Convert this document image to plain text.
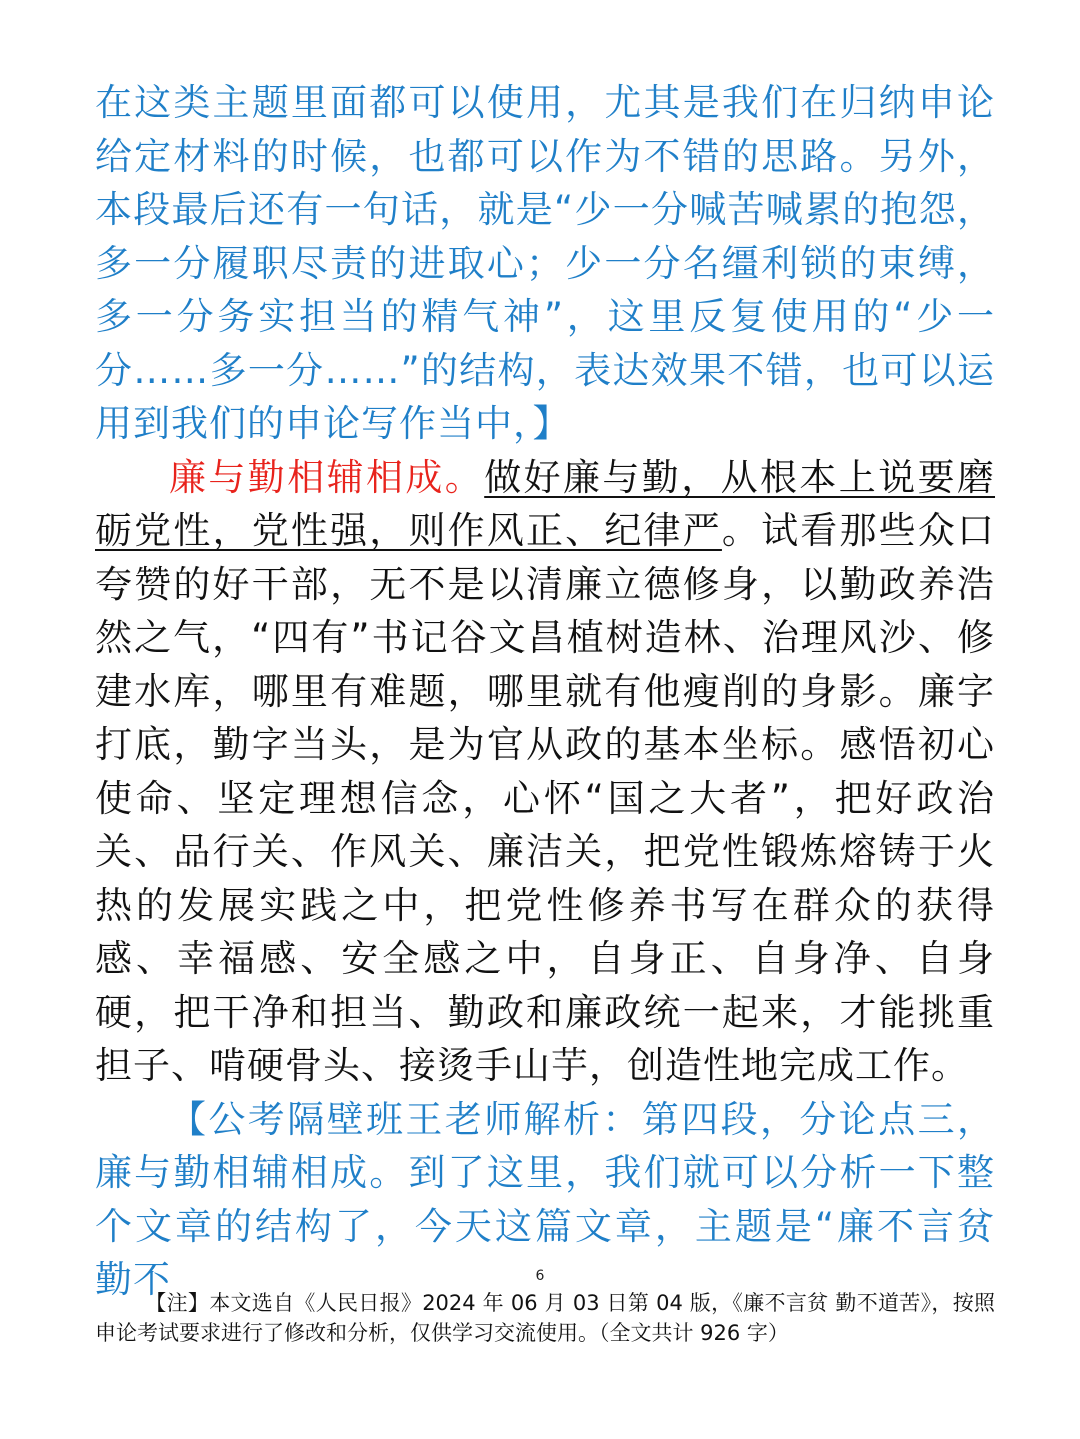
在这类主题里面都可以使用，尤其是我们在归纳申论给定材料的时候，也都可以作为不错的思路。另外，本段最后还有一句话，就是“少一分喊苦喊累的抱怨，多一分履职尽责的进取心；少一分名缰利锁的束缚，多一分务实担当的精气神”，这里反复使用的“少一分……多一分……”的结构，表达效果不错，也可以运用到我们的申论写作当中，】

廉与勤相辅相成。做好廉与勤，从根本上说要磨砺党性，党性强，则作风正、纪律严。试看那些众口夸赞的好干部，无不是以清廉立德修身，以勤政养浩然之气，“四有”书记谷文昌植树造林、治理风沙、修建水库，哪里有难题，哪里就有他瘦削的身影。廉字打底，勤字当头，是为官从政的基本坐标。感悟初心使命、坚定理想信念，心怀“国之大者”，把好政治关、品行关、作风关、廉洁关，把党性锻炼熔铸于火热的发展实践之中，把党性修养书写在群众的获得感、幸福感、安全感之中，自身正、自身净、自身硬，把干净和担当、勤政和廉政统一起来，才能挑重担子、啃硬骨头、接烫手山芋，创造性地完成工作。

【公考隔壁班王老师解析：第四段，分论点三，廉与勤相辅相成。到了这里，我们就可以分析一下整个文章的结构了，今天这篇文章，主题是“廉不言贫 勤不	6
【注】本文选自《人民日报》2024 年 06 月 03 日第 04 版，《廉不言贫 勤不道苦》，按照申论考试要求进行了修改和分析，仅供学习交流使用。（全文共计 926 字）
